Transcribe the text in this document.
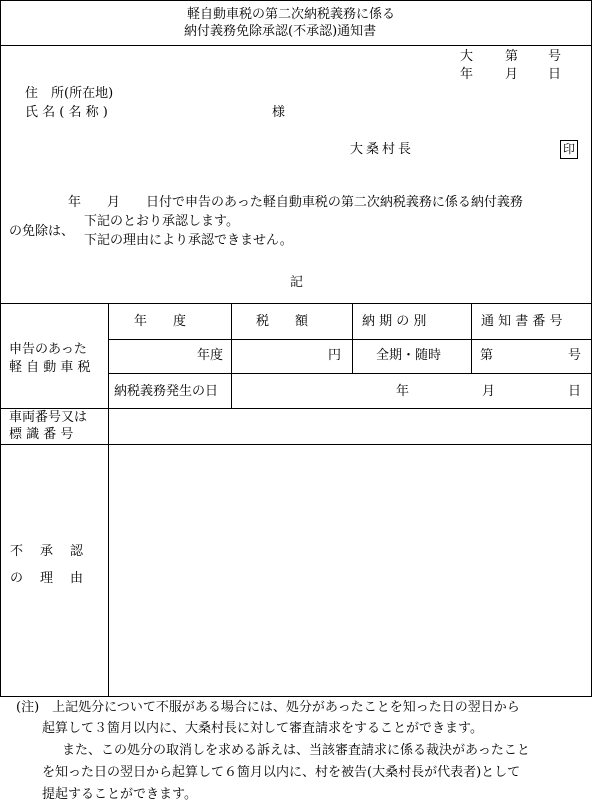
軽自動車税の第二次納税義務に係る
納付義務免除承認(不承認)通知書
大 第 号
年 月 日
住　所(所在地)
氏 名 ( 名 称 )	様
大桑村長	印
年　　月　　日付で申告のあった軽自動車税の第二次納税義務に係る納付義務
の免除は、
下記のとおり承認します。
下記の理由により承認できません。
記
申告のあった
軽 自 動 車 税
年　　度	税　　額	納 期 の 別	通 知 書 番 号
年度	円	全期・随時	第	号
納税義務発生の日	年	月	日
車両番号又は
標 識 番 号
不　承　認
の　理　由
(注)　上記処分について不服がある場合には、処分があったことを知った日の翌日から
起算して３箇月以内に、大桑村長に対して審査請求をすることができます。
また、この処分の取消しを求める訴えは、当該審査請求に係る裁決があったこと
を知った日の翌日から起算して６箇月以内に、村を被告(大桑村長が代表者)として
提起することができます。
